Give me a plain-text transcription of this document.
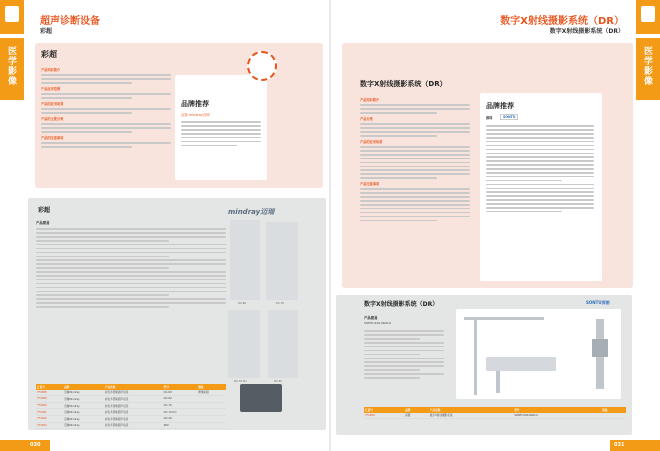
医学影像
超声诊断设备
彩超
彩超
产品知识简介
产品应用范围
产品的应用场景
产品的主要分类
产品的注意事项
品牌推荐
迈瑞 mindray官网
彩超	mindray迈瑞
产品简易
DC-80	DC-70
DC-70 Pro	DC-40
订货号	品牌	产品名称	型号	规格
YF2988	迈瑞Mindray	彩色多普勒超声系统	DC-N3	便携彩超
YF2989	迈瑞Mindray	彩色多普勒超声系统	DC-60	
YF2990	迈瑞Mindray	彩色多普勒超声系统	DC-70	
YF2991	迈瑞Mindray	彩色多普勒超声系统	DC-70 Pro	
YF2992	迈瑞Mindray	彩色多普勒超声系统	DC-40	
YF2993	迈瑞Mindray	彩色多普勒超声系统	Z60	
030
医学影像
数字X射线摄影系统（DR）
数字X射线摄影系统（DR）
数字X射线摄影系统（DR）
产品知识简介
产品分类
产品的应用场景
产品注意事项
品牌推荐
深圳	SONTU
数字X射线摄影系统（DR）	SONTU深图
产品简易
SONTU100-WAD-II
订货号	品牌	产品名称	型号	规格
YF2994	深图	数字X射线摄影系统	SONTU100-WAD-II	
031
